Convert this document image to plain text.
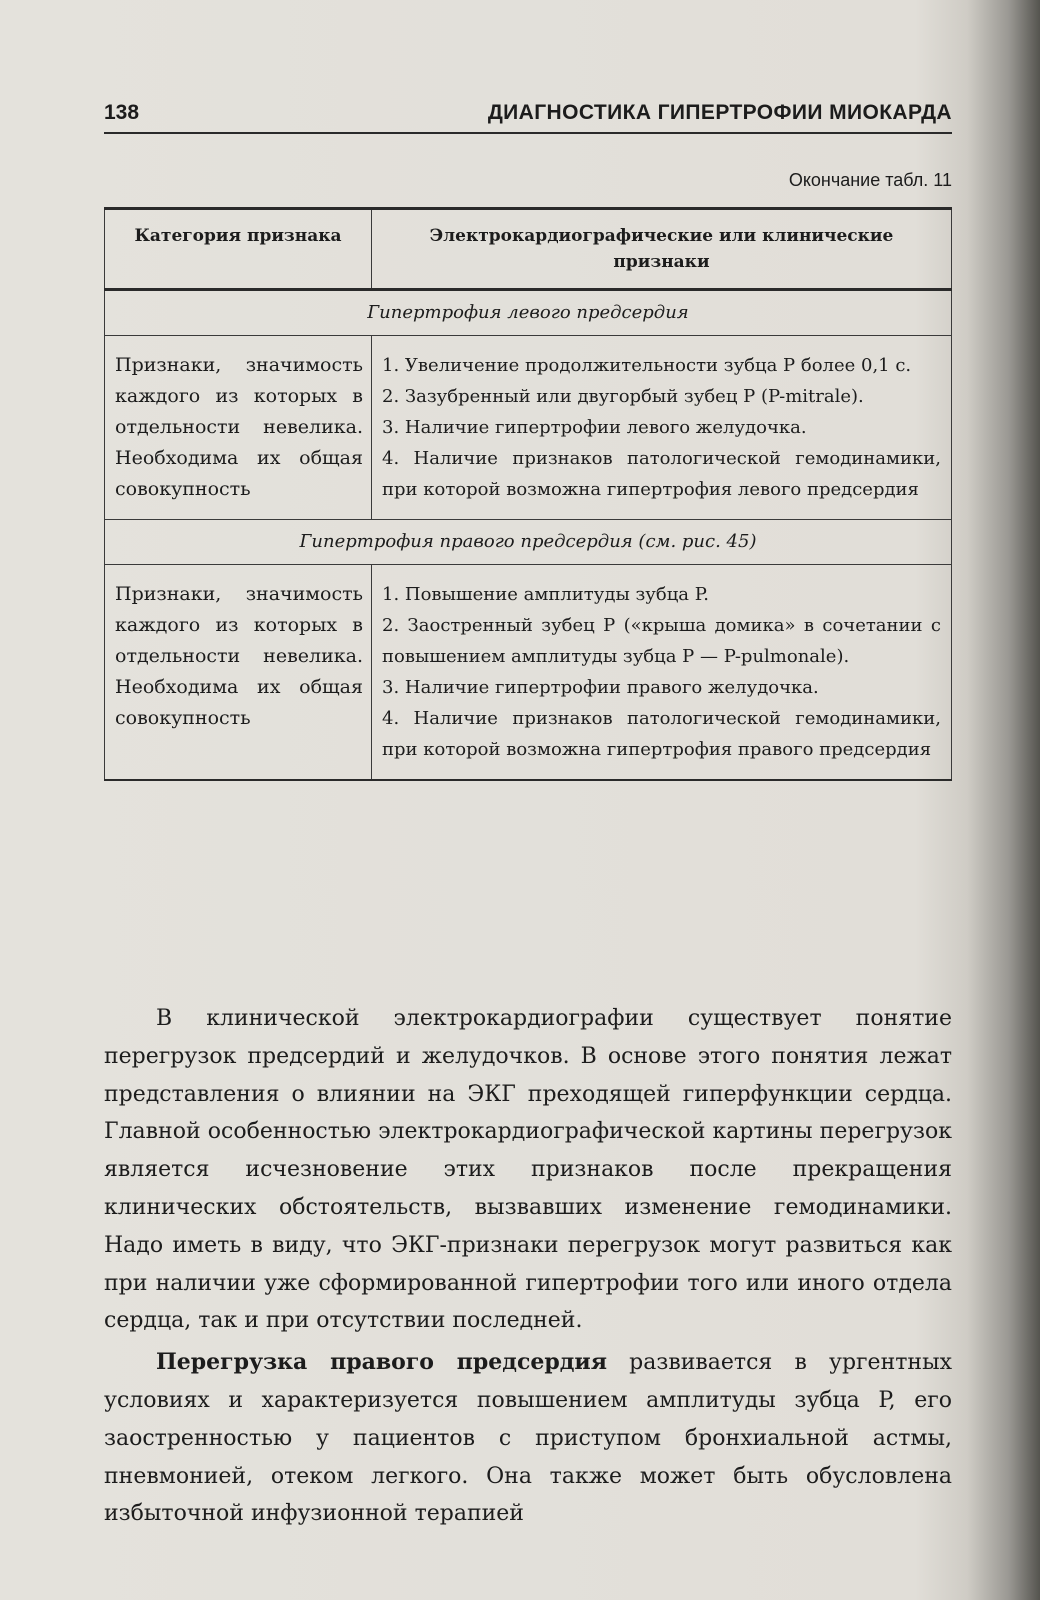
138	ДИАГНОСТИКА ГИПЕРТРОФИИ МИОКАРДА
Окончание табл. 11
Категория признака	Электрокардиографические или клинические признаки
Гипертрофия левого предсердия	
Признаки, значимость каждого из которых в отдельности невелика. Необходима их общая совокупность	1. Увеличение продолжительности зубца P более 0,1 с.
2. Зазубренный или двугорбый зубец P (P-mitrale).
3. Наличие гипертрофии левого желудочка.
4. Наличие признаков патологической гемодинамики, при которой возможна гипертрофия левого предсердия

Гипертрофия правого предсердия (см. рис. 45)	
Признаки, значимость каждого из которых в отдельности невелика. Необходима их общая совокупность	1. Повышение амплитуды зубца P.
2. Заостренный зубец P («крыша домика» в сочетании с повышением амплитуды зубца P — P-pulmonale).
3. Наличие гипертрофии правого желудочка.
4. Наличие признаков патологической гемодинамики, при которой возможна гипертрофия правого предсердия

В клинической электрокардиографии существует понятие перегрузок предсердий и желудочков. В основе этого понятия лежат представления о влиянии на ЭКГ преходящей гиперфункции сердца. Главной особенностью электрокардиографической картины перегрузок является исчезновение этих признаков после прекращения клинических обстоятельств, вызвавших изменение гемодинамики. Надо иметь в виду, что ЭКГ-признаки перегрузок могут развиться как при наличии уже сформированной гипертрофии того или иного отдела сердца, так и при отсутствии последней.

Перегрузка правого предсердия развивается в ургентных условиях и характеризуется повышением амплитуды зубца P, его заостренностью у пациентов с приступом бронхиальной астмы, пневмонией, отеком легкого. Она также может быть обусловлена избыточной инфузионной терапией
